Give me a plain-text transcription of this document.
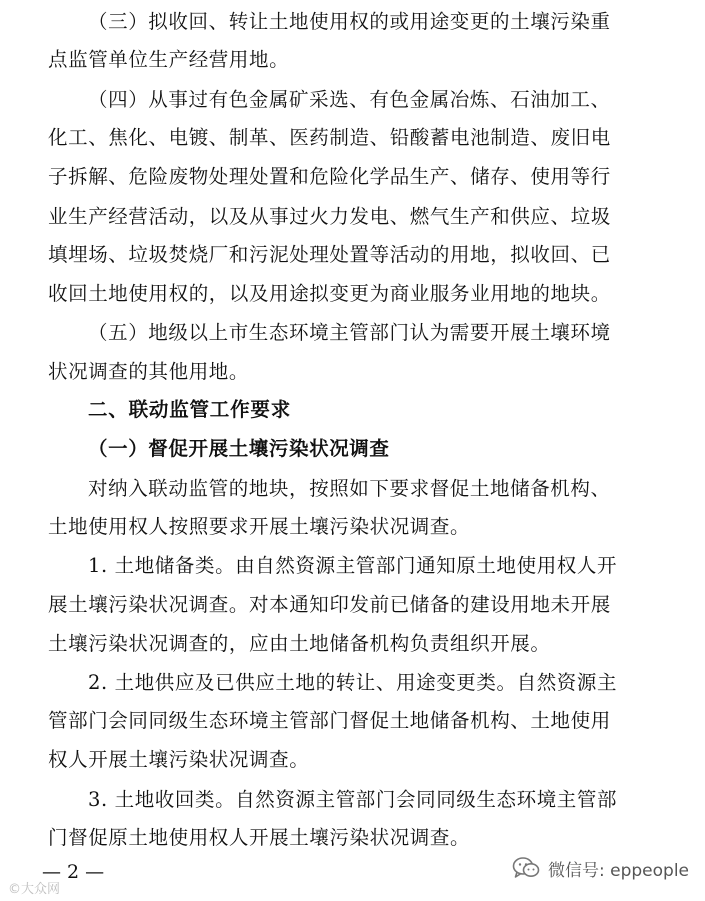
（三）拟收回、转让土地使用权的或用途变更的土壤污染重
点监管单位生产经营用地。
（四）从事过有色金属矿采选、有色金属冶炼、石油加工、
化工、焦化、电镀、制革、医药制造、铅酸蓄电池制造、废旧电
子拆解、危险废物处理处置和危险化学品生产、储存、使用等行
业生产经营活动，以及从事过火力发电、燃气生产和供应、垃圾
填埋场、垃圾焚烧厂和污泥处理处置等活动的用地，拟收回、已
收回土地使用权的，以及用途拟变更为商业服务业用地的地块。
（五）地级以上市生态环境主管部门认为需要开展土壤环境
状况调查的其他用地。
二、联动监管工作要求
（一）督促开展土壤污染状况调查
对纳入联动监管的地块，按照如下要求督促土地储备机构、
土地使用权人按照要求开展土壤污染状况调查。
1. 土地储备类。由自然资源主管部门通知原土地使用权人开
展土壤污染状况调查。对本通知印发前已储备的建设用地未开展
土壤污染状况调查的，应由土地储备机构负责组织开展。
2. 土地供应及已供应土地的转让、用途变更类。自然资源主
管部门会同同级生态环境主管部门督促土地储备机构、土地使用
权人开展土壤污染状况调查。
3. 土地收回类。自然资源主管部门会同同级生态环境主管部
门督促原土地使用权人开展土壤污染状况调查。
— 2 —	微信号: eppeople
©大众网
